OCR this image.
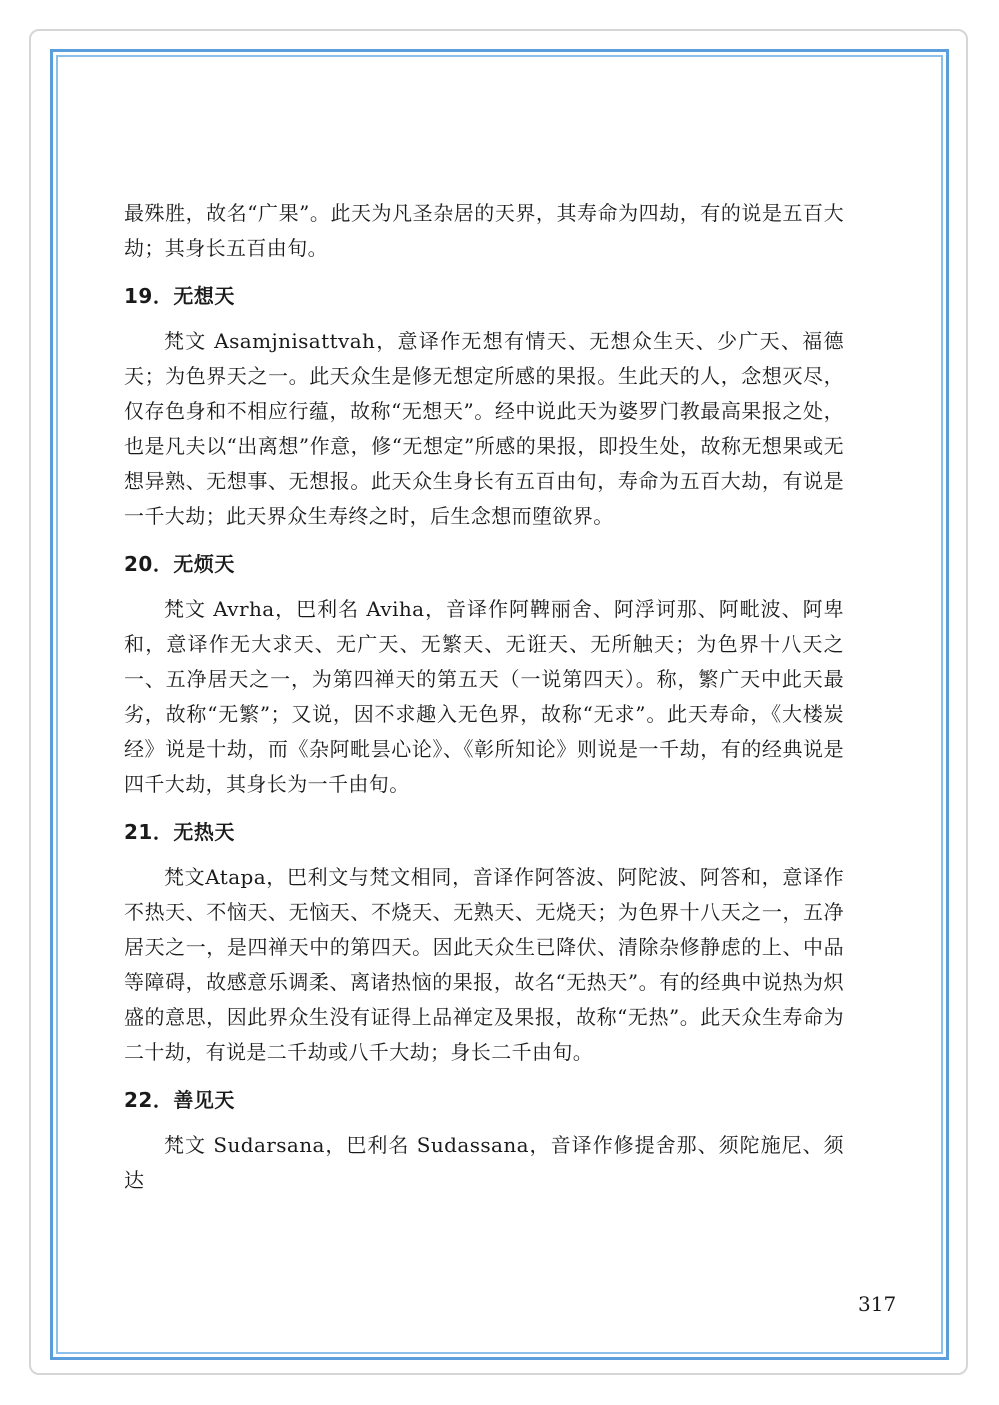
最殊胜，故名“广果”。此天为凡圣杂居的天界，其寿命为四劫，有的说是五百大劫；其身长五百由旬。

19．无想天

梵文 Asamjnisattvah，意译作无想有情天、无想众生天、少广天、福德天；为色界天之一。此天众生是修无想定所感的果报。生此天的人，念想灭尽，仅存色身和不相应行蕴，故称“无想天”。经中说此天为婆罗门教最高果报之处，也是凡夫以“出离想”作意，修“无想定”所感的果报，即投生处，故称无想果或无想异熟、无想事、无想报。此天众生身长有五百由旬，寿命为五百大劫，有说是一千大劫；此天界众生寿终之时，后生念想而堕欲界。

20．无烦天

梵文 Avrha，巴利名 Aviha，音译作阿鞞丽舍、阿浮诃那、阿毗波、阿卑和，意译作无大求天、无广天、无繁天、无诳天、无所触天；为色界十八天之一、五净居天之一，为第四禅天的第五天（一说第四天）。称，繁广天中此天最劣，故称“无繁”；又说，因不求趣入无色界，故称“无求”。此天寿命，《大楼炭经》说是十劫，而《杂阿毗昙心论》、《彰所知论》则说是一千劫，有的经典说是四千大劫，其身长为一千由旬。

21．无热天

梵文Atapa，巴利文与梵文相同，音译作阿答波、阿陀波、阿答和，意译作不热天、不恼天、无恼天、不烧天、无熟天、无烧天；为色界十八天之一，五净居天之一，是四禅天中的第四天。因此天众生已降伏、清除杂修静虑的上、中品等障碍，故感意乐调柔、离诸热恼的果报，故名“无热天”。有的经典中说热为炽盛的意思，因此界众生没有证得上品禅定及果报，故称“无热”。此天众生寿命为二十劫，有说是二千劫或八千大劫；身长二千由旬。

22．善见天

梵文 Sudarsana，巴利名 Sudassana，音译作修提舍那、须陀施尼、须达

317
